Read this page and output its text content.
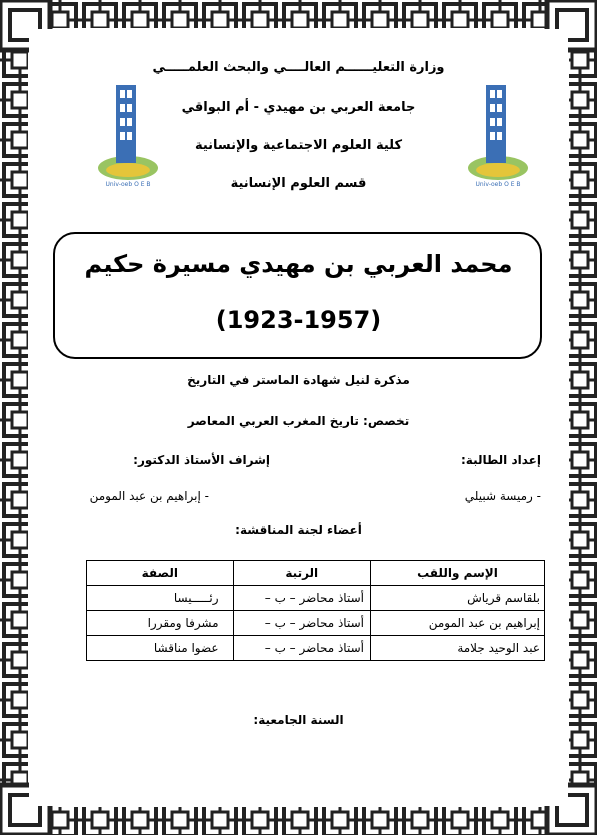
Univ-oeb O E B	Univ-oeb O E B
وزارة التعليــــــم العالــــي والبحث العلمـــــي
جامعة العربي بن مهيدي - أم البواقي
كلية العلوم الاجتماعية والإنسانية
قسم العلوم الإنسانية
محمد العربي بن مهيدي مسيرة حكيم
(1923-1957)
مذكرة لنيل شهادة الماستر في التاريخ
تخصص: تاريخ المغرب العربي المعاصر
إعداد الطالبة:
إشراف الأستاذ الدكتور:
- رميسة شبيلي
- إبراهيم بن عبد المومن
أعضاء لجنة المناقشة:
الإسم واللقب	الرتبة	الصفة
بلقاسم قرياش	أستاذ محاضر – ب –	رئـــــيسا
إبراهيم بن عبد المومن	أستاذ محاضر – ب –	مشرفا ومقررا
عبد الوحيد جلامة	أستاذ محاضر – ب –	عضوا مناقشا
السنة الجامعية:
